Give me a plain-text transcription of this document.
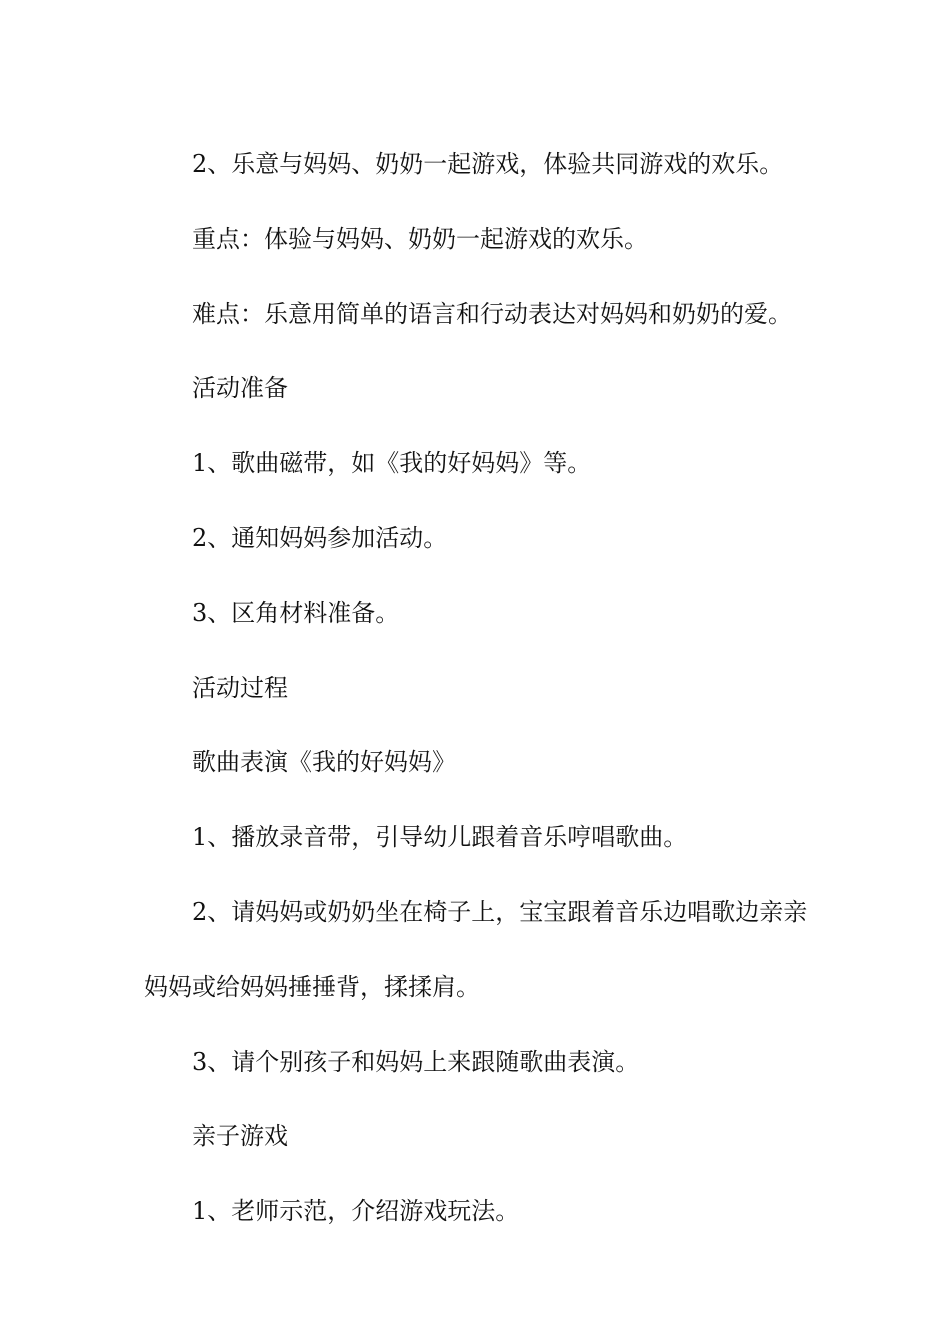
2、乐意与妈妈、奶奶一起游戏，体验共同游戏的欢乐。

重点：体验与妈妈、奶奶一起游戏的欢乐。

难点：乐意用简单的语言和行动表达对妈妈和奶奶的爱。

活动准备

1、歌曲磁带，如《我的好妈妈》等。

2、通知妈妈参加活动。

3、区角材料准备。

活动过程

歌曲表演《我的好妈妈》

1、播放录音带，引导幼儿跟着音乐哼唱歌曲。

2、请妈妈或奶奶坐在椅子上，宝宝跟着音乐边唱歌边亲亲妈妈或给妈妈捶捶背，揉揉肩。

3、请个别孩子和妈妈上来跟随歌曲表演。

亲子游戏

1、老师示范，介绍游戏玩法。
